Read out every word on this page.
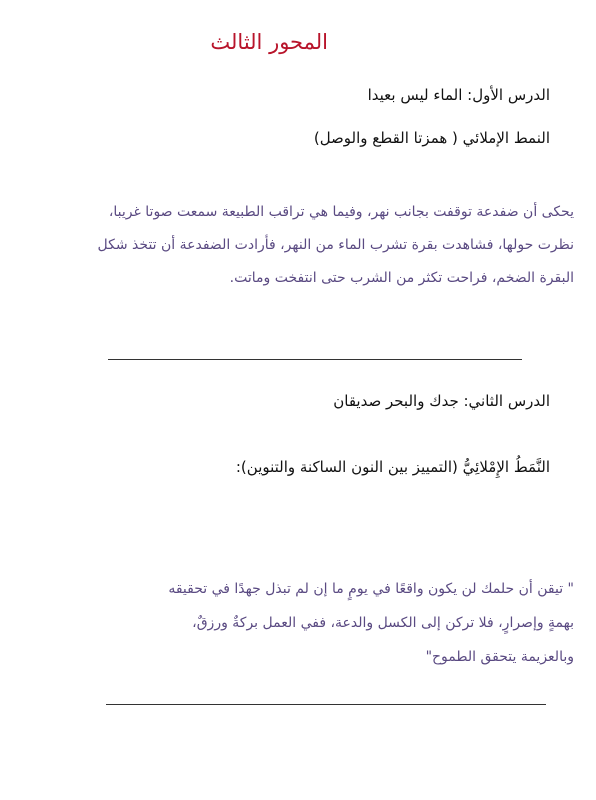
المحور الثالث
الدرس الأول: الماء ليس بعيدا
النمط الإملائي ( همزتا القطع والوصل)
يحكى أن ضفدعة توقفت بجانب نهر، وفيما هي تراقب الطبيعة سمعت صوتا غريبا،
نظرت حولها، فشاهدت بقرة تشرب الماء من النهر، فأرادت الضفدعة أن تتخذ شكل
البقرة الضخم، فراحت تكثر من الشرب حتى انتفخت وماتت.
الدرس الثاني: جدك والبحر صديقان
النَّمَطُ الإِمْلائِيُّ (التمييز بين النون الساكنة والتنوين):
" تيقن أن حلمك لن يكون واقعًا في يومٍ ما إن لم تبذل جهدًا في تحقيقه
بهمةٍ وإصرارٍ، فلا تركن إلى الكسل والدعة، ففي العمل بركةٌ ورزقٌ،
وبالعزيمة يتحقق الطموح"
